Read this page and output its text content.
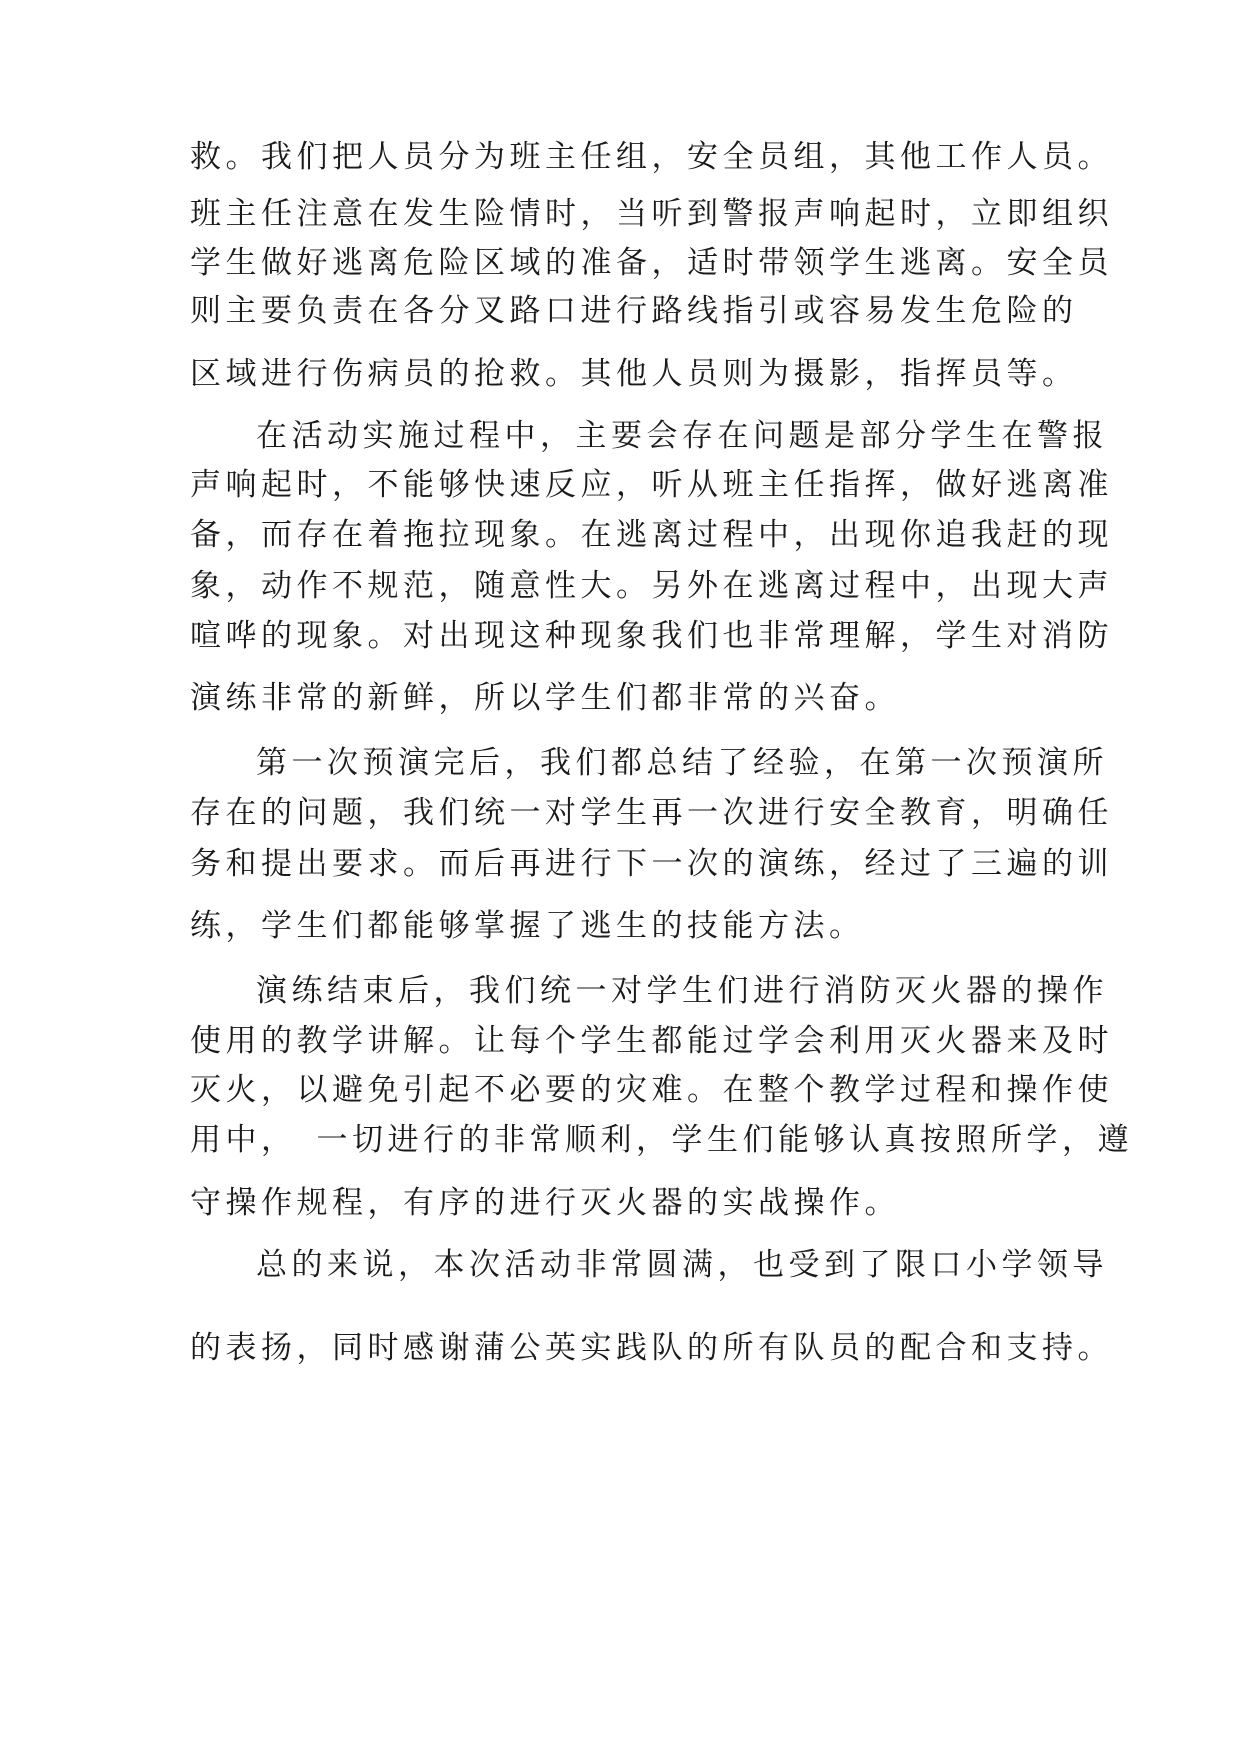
救。我们把人员分为班主任组，安全员组，其他工作人员。
班主任注意在发生险情时，当听到警报声响起时，立即组织
学生做好逃离危险区域的准备，适时带领学生逃离。安全员
则主要负责在各分叉路口进行路线指引或容易发生危险的
区域进行伤病员的抢救。其他人员则为摄影，指挥员等。
在活动实施过程中，主要会存在问题是部分学生在警报
声响起时，不能够快速反应，听从班主任指挥，做好逃离准
备，而存在着拖拉现象。在逃离过程中，出现你追我赶的现
象，动作不规范，随意性大。另外在逃离过程中，出现大声
喧哗的现象。对出现这种现象我们也非常理解，学生对消防
演练非常的新鲜，所以学生们都非常的兴奋。
第一次预演完后，我们都总结了经验，在第一次预演所
存在的问题，我们统一对学生再一次进行安全教育，明确任
务和提出要求。而后再进行下一次的演练，经过了三遍的训
练，学生们都能够掌握了逃生的技能方法。
演练结束后，我们统一对学生们进行消防灭火器的操作
使用的教学讲解。让每个学生都能过学会利用灭火器来及时
灭火，以避免引起不必要的灾难。在整个教学过程和操作使
用中，　一切进行的非常顺利，学生们能够认真按照所学，遵
守操作规程，有序的进行灭火器的实战操作。
总的来说，本次活动非常圆满，也受到了限口小学领导
的表扬，同时感谢蒲公英实践队的所有队员的配合和支持。
